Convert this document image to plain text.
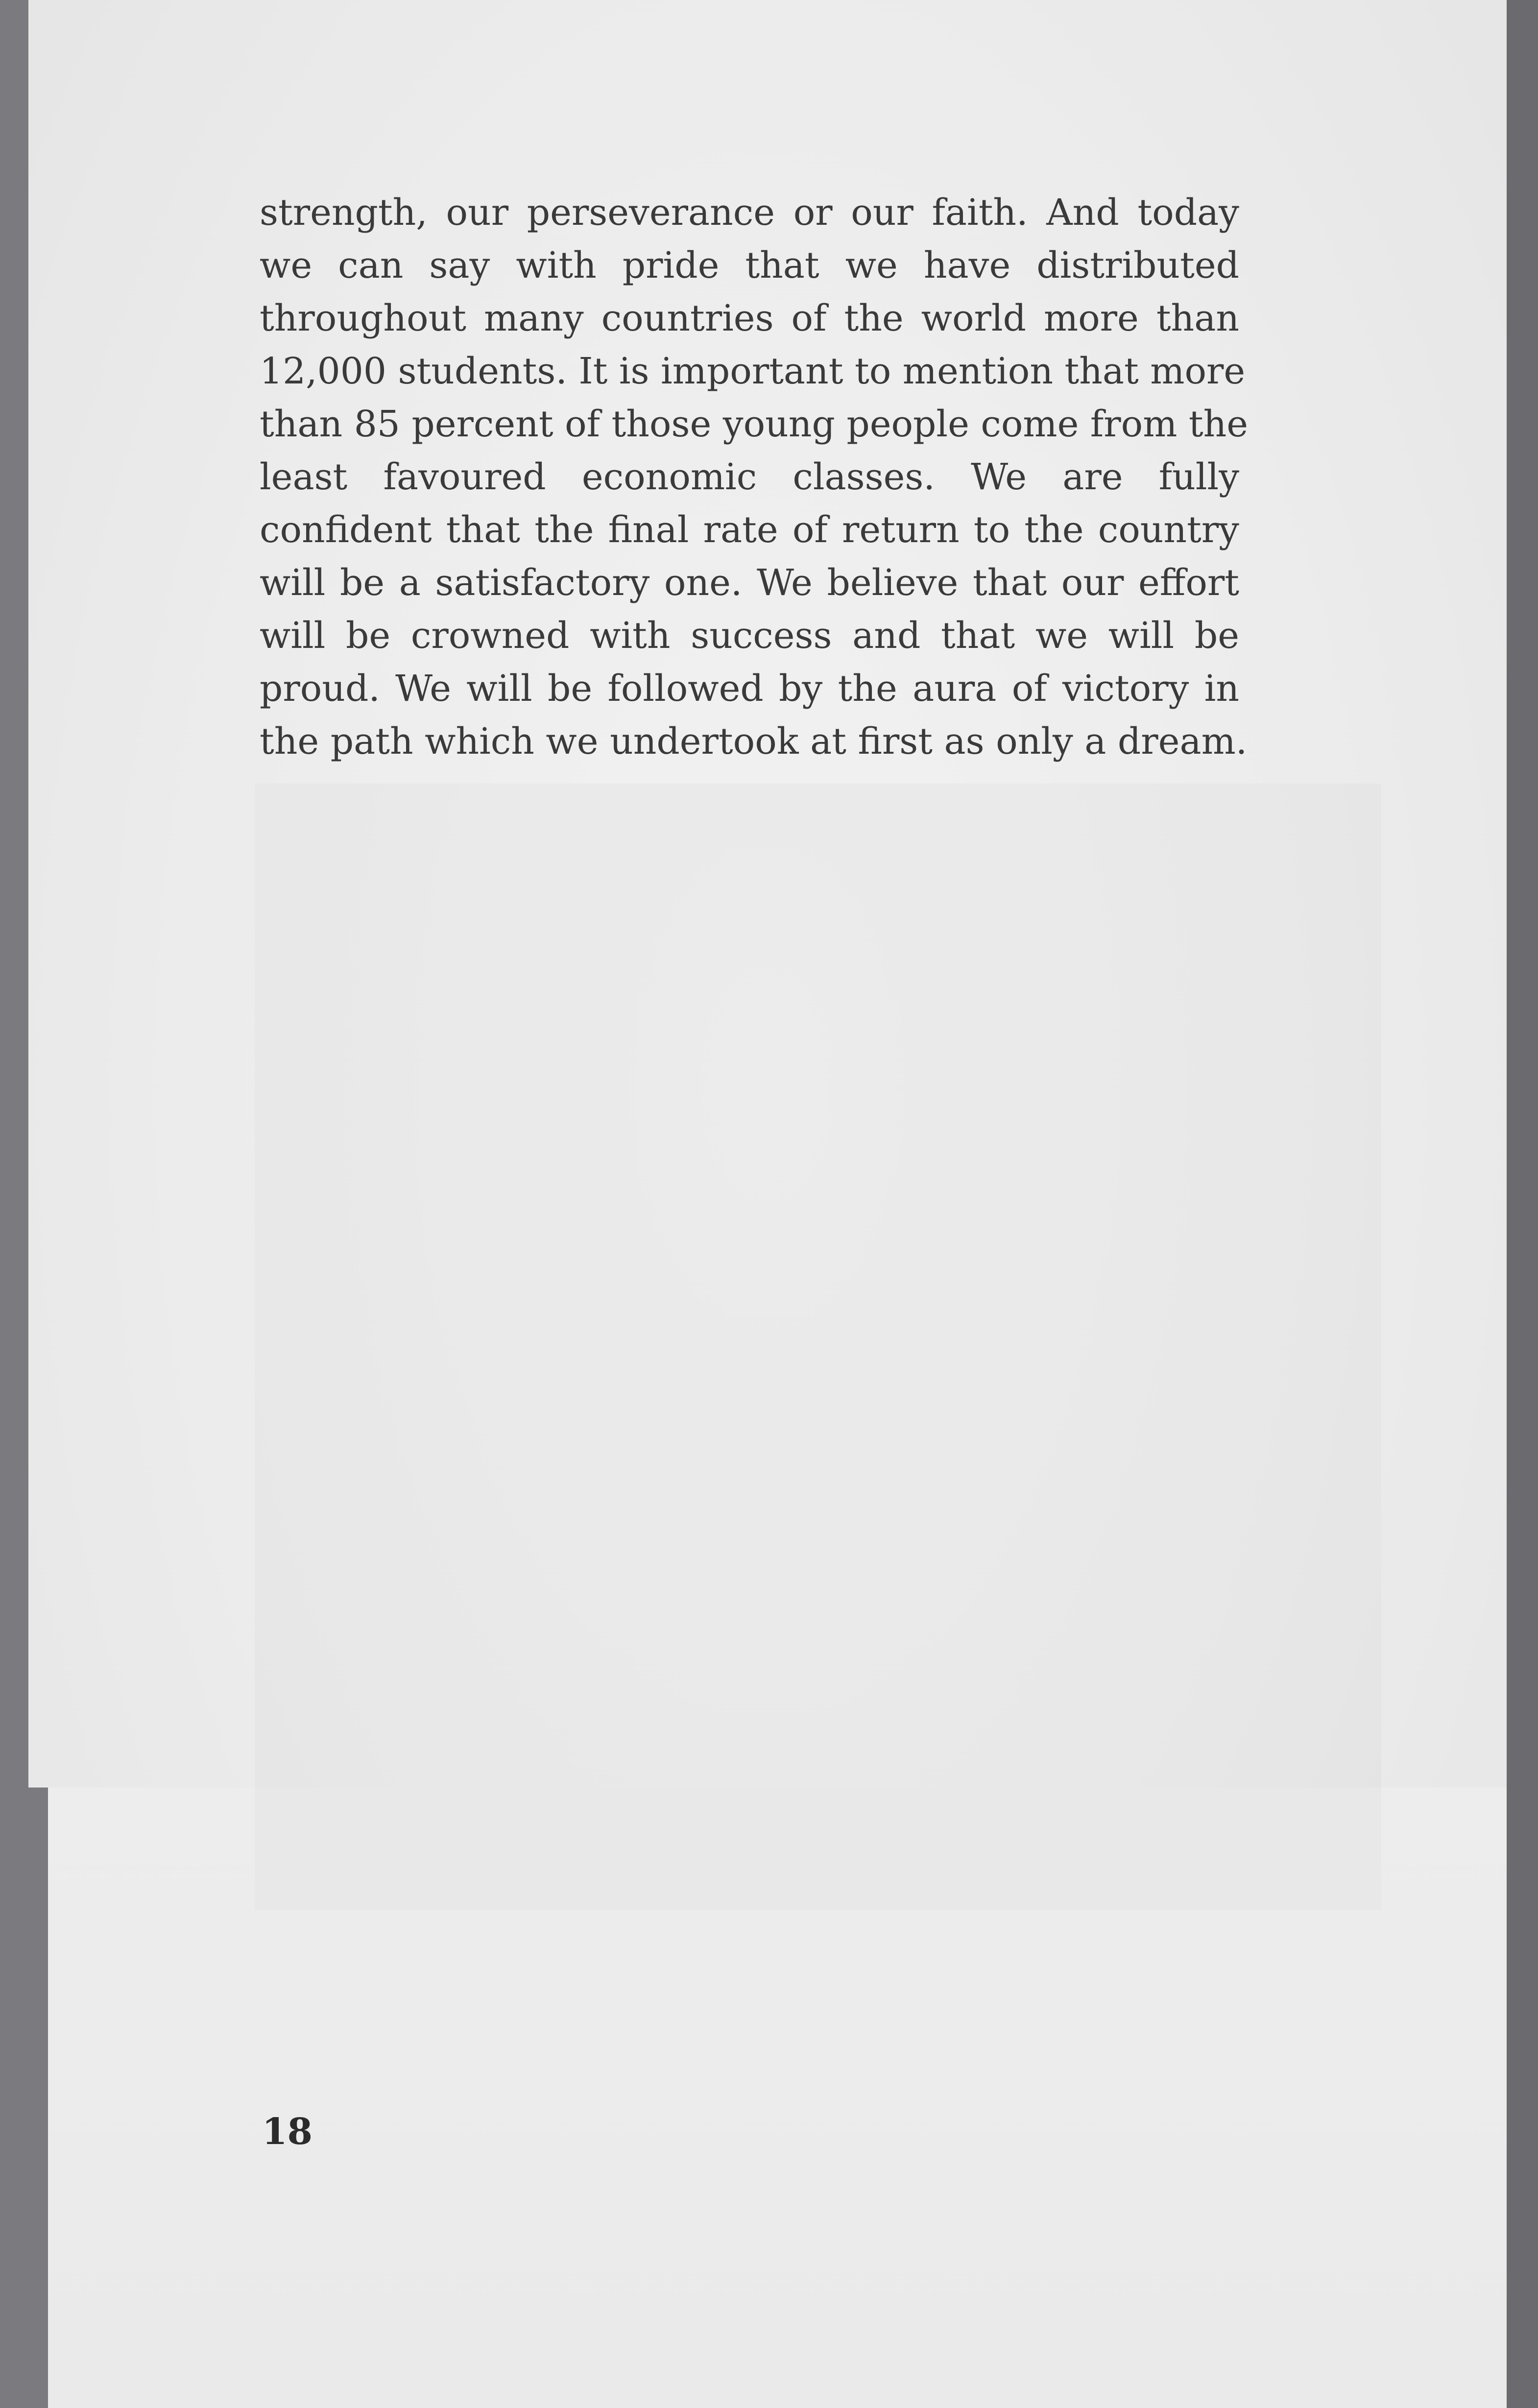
strength, our perseverance or our faith. And today
we can say with pride that we have distributed
throughout many countries of the world more than
12,000 students. It is important to mention that more
than 85 percent of those young people come from the
least favoured economic classes. We are fully
confident that the final rate of return to the country
will be a satisfactory one. We believe that our effort
will be crowned with success and that we will be
proud. We will be followed by the aura of victory in
the path which we undertook at first as only a dream.

18
